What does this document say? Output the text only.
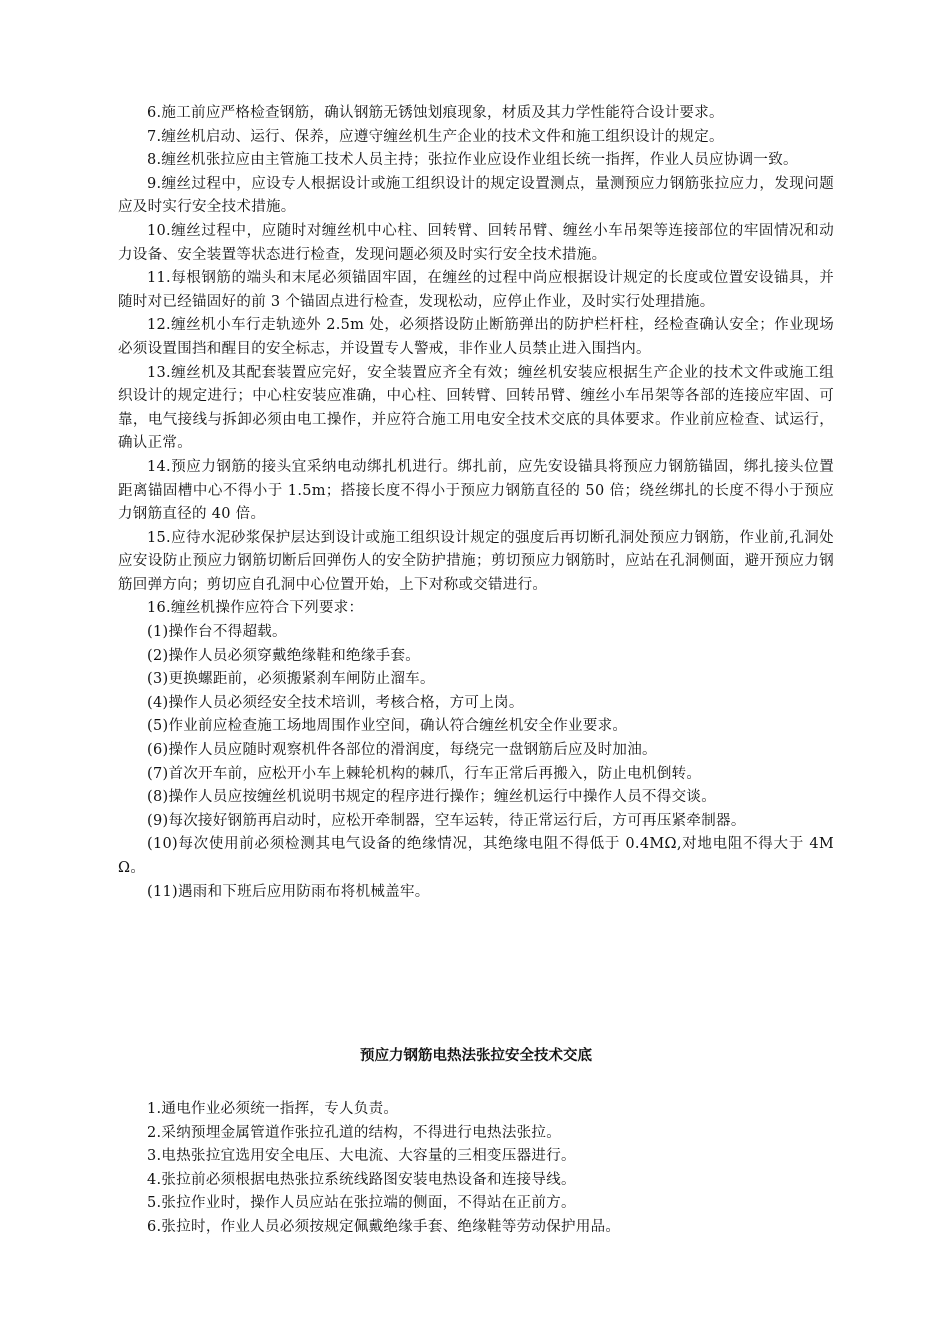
6.施工前应严格检查钢筋，确认钢筋无锈蚀划痕现象，材质及其力学性能符合设计要求。

7.缠丝机启动、运行、保养，应遵守缠丝机生产企业的技术文件和施工组织设计的规定。

8.缠丝机张拉应由主管施工技术人员主持；张拉作业应设作业组长统一指挥，作业人员应协调一致。

9.缠丝过程中，应设专人根据设计或施工组织设计的规定设置测点，量测预应力钢筋张拉应力，发现问题应及时实行安全技术措施。

10.缠丝过程中，应随时对缠丝机中心柱、回转臂、回转吊臂、缠丝小车吊架等连接部位的牢固情况和动力设备、安全装置等状态进行检查，发现问题必须及时实行安全技术措施。

11.每根钢筋的端头和末尾必须锚固牢固，在缠丝的过程中尚应根据设计规定的长度或位置安设锚具，并随时对已经锚固好的前 3 个锚固点进行检查，发现松动，应停止作业，及时实行处理措施。

12.缠丝机小车行走轨迹外 2.5m 处，必须搭设防止断筋弹出的防护栏杆柱，经检查确认安全；作业现场必须设置围挡和醒目的安全标志，并设置专人警戒，非作业人员禁止进入围挡内。

13.缠丝机及其配套装置应完好，安全装置应齐全有效；缠丝机安装应根据生产企业的技术文件或施工组织设计的规定进行；中心柱安装应准确，中心柱、回转臂、回转吊臂、缠丝小车吊架等各部的连接应牢固、可靠，电气接线与拆卸必须由电工操作，并应符合施工用电安全技术交底的具体要求。作业前应检查、试运行，确认正常。

14.预应力钢筋的接头宜采纳电动绑扎机进行。绑扎前，应先安设锚具将预应力钢筋锚固，绑扎接头位置距离锚固槽中心不得小于 1.5m；搭接长度不得小于预应力钢筋直径的 50 倍；绕丝绑扎的长度不得小于预应力钢筋直径的 40 倍。

15.应待水泥砂浆保护层达到设计或施工组织设计规定的强度后再切断孔洞处预应力钢筋，作业前,孔洞处应安设防止预应力钢筋切断后回弹伤人的安全防护措施；剪切预应力钢筋时，应站在孔洞侧面，避开预应力钢筋回弹方向；剪切应自孔洞中心位置开始，上下对称或交错进行。

16.缠丝机操作应符合下列要求：

(1)操作台不得超载。

(2)操作人员必须穿戴绝缘鞋和绝缘手套。

(3)更换螺距前，必须搬紧刹车闸防止溜车。

(4)操作人员必须经安全技术培训，考核合格，方可上岗。

(5)作业前应检查施工场地周围作业空间，确认符合缠丝机安全作业要求。

(6)操作人员应随时观察机件各部位的滑润度，每绕完一盘钢筋后应及时加油。

(7)首次开车前，应松开小车上棘轮机构的棘爪，行车正常后再搬入，防止电机倒转。

(8)操作人员应按缠丝机说明书规定的程序进行操作；缠丝机运行中操作人员不得交谈。

(9)每次接好钢筋再启动时，应松开牵制器，空车运转，待正常运行后，方可再压紧牵制器。

(10)每次使用前必须检测其电气设备的绝缘情况，其绝缘电阻不得低于 0.4MΩ,对地电阻不得大于 4MΩ。

(11)遇雨和下班后应用防雨布将机械盖牢。

预应力钢筋电热法张拉安全技术交底

1.通电作业必须统一指挥，专人负责。

2.采纳预埋金属管道作张拉孔道的结构，不得进行电热法张拉。

3.电热张拉宜选用安全电压、大电流、大容量的三相变压器进行。

4.张拉前必须根据电热张拉系统线路图安装电热设备和连接导线。

5.张拉作业时，操作人员应站在张拉端的侧面，不得站在正前方。

6.张拉时，作业人员必须按规定佩戴绝缘手套、绝缘鞋等劳动保护用品。
